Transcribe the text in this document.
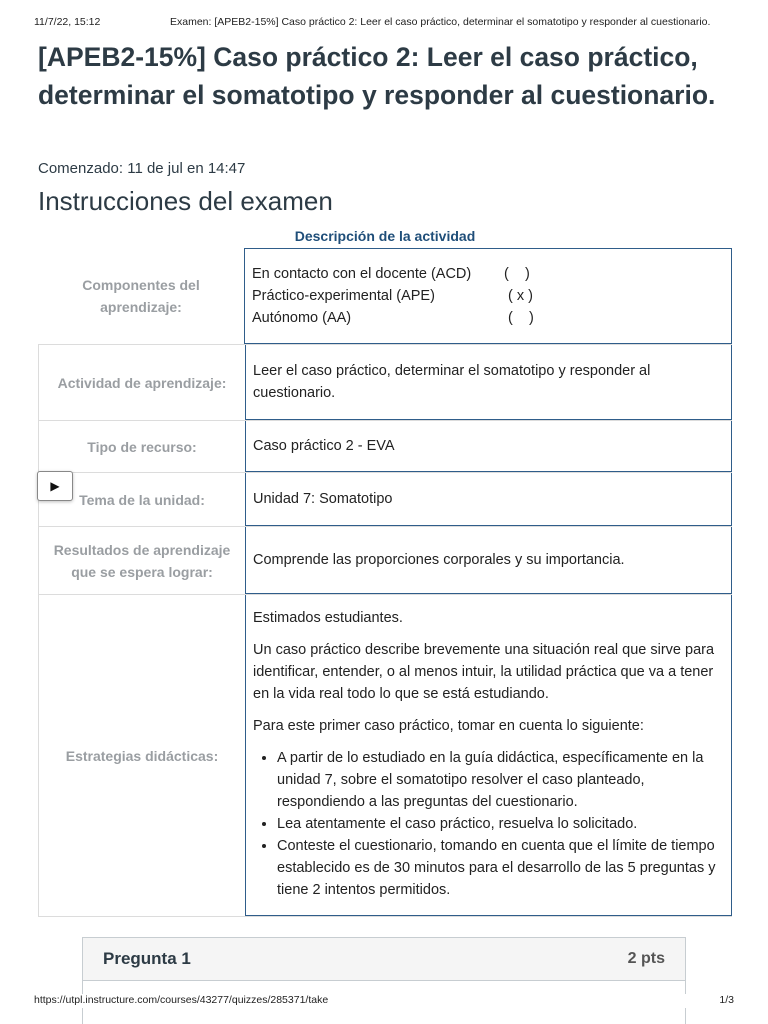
11/7/22, 15:12	Examen: [APEB2-15%] Caso práctico 2: Leer el caso práctico, determinar el somatotipo y responder al cuestionario.
[APEB2-15%] Caso práctico 2: Leer el caso práctico, determinar el somatotipo y responder al cuestionario.
Comenzado: 11 de jul en 14:47
Instrucciones del examen
Descripción de la actividad
Componentes del aprendizaje:
En contacto con el docente (ACD)	(    )
Práctico-experimental (APE)	( x )
Autónomo (AA)	(    )
Actividad de aprendizaje:
Leer el caso práctico, determinar el somatotipo y responder al cuestionario.
Tipo de recurso:	Caso práctico 2 - EVA
Tema de la unidad:	Unidad 7: Somatotipo
Resultados de aprendizaje que se espera lograr:
Comprende las proporciones corporales y su importancia.
Estrategias didácticas:

Estimados estudiantes.

Un caso práctico describe brevemente una situación real que sirve para identificar, entender, o al menos intuir, la utilidad práctica que va a tener en la vida real todo lo que se está estudiando.

Para este primer caso práctico, tomar en cuenta lo siguiente:

• A partir de lo estudiado en la guía didáctica, específicamente en la unidad 7, sobre el somatotipo resolver el caso planteado, respondiendo a las preguntas del cuestionario.
• Lea atentamente el caso práctico, resuelva lo solicitado.
• Conteste el cuestionario, tomando en cuenta que el límite de tiempo establecido es de 30 minutos para el desarrollo de las 5 preguntas y tiene 2 intentos permitidos.
▶
Pregunta 1	2 pts
https://utpl.instructure.com/courses/43277/quizzes/285371/take	1/3
